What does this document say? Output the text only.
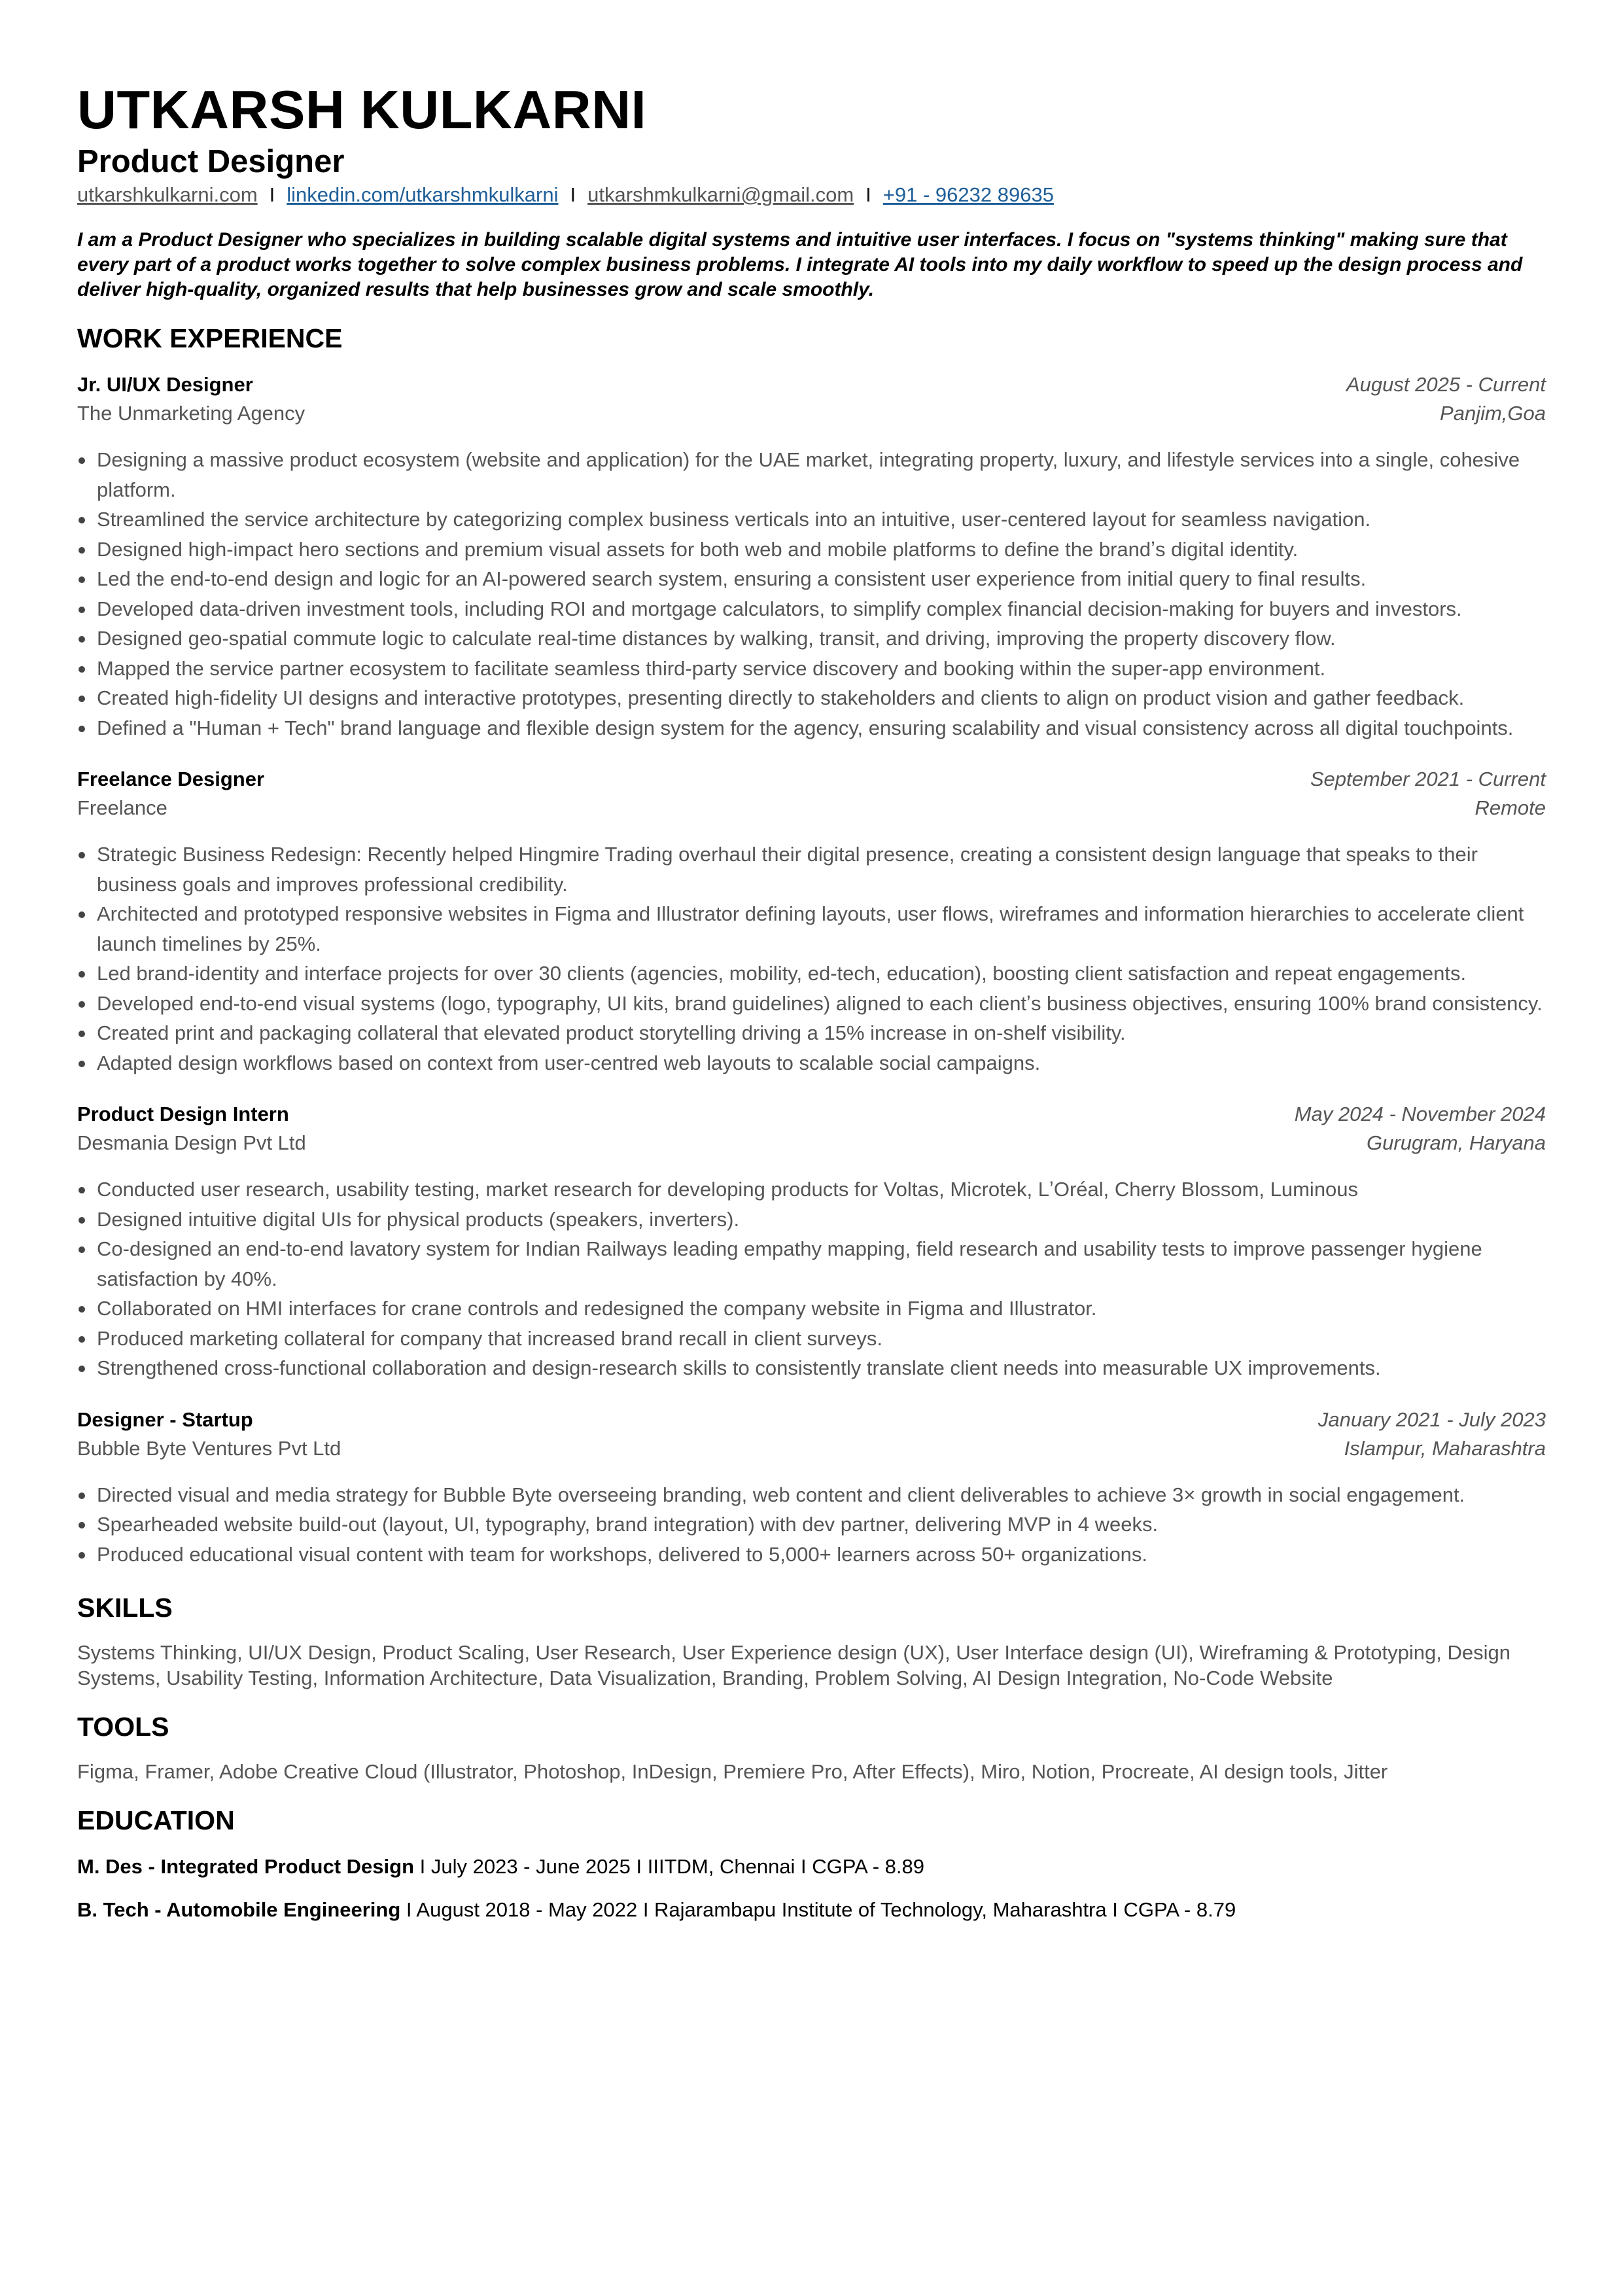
UTKARSH KULKARNI
Product Designer
utkarshkulkarni.com I linkedin.com/utkarshmkulkarni I utkarshmkulkarni@gmail.com I +91 - 96232 89635

I am a Product Designer who specializes in building scalable digital systems and intuitive user interfaces. I focus on "systems thinking" making sure that every part of a product works together to solve complex business problems. I integrate AI tools into my daily workflow to speed up the design process and deliver high-quality, organized results that help businesses grow and scale smoothly.

WORK EXPERIENCE
Jr. UI/UX Designer	August 2025 - Current
The Unmarketing Agency	Panjim,Goa
Designing a massive product ecosystem (website and application) for the UAE market, integrating property, luxury, and lifestyle services into a single, cohesive platform.
Streamlined the service architecture by categorizing complex business verticals into an intuitive, user-centered layout for seamless navigation.
Designed high-impact hero sections and premium visual assets for both web and mobile platforms to define the brandʼs digital identity.
Led the end-to-end design and logic for an AI-powered search system, ensuring a consistent user experience from initial query to final results.
Developed data-driven investment tools, including ROI and mortgage calculators, to simplify complex financial decision-making for buyers and investors.
Designed geo-spatial commute logic to calculate real-time distances by walking, transit, and driving, improving the property discovery flow.
Mapped the service partner ecosystem to facilitate seamless third-party service discovery and booking within the super-app environment.
Created high-fidelity UI designs and interactive prototypes, presenting directly to stakeholders and clients to align on product vision and gather feedback.
Defined a "Human + Tech" brand language and flexible design system for the agency, ensuring scalability and visual consistency across all digital touchpoints.
Freelance Designer	September 2021 - Current
Freelance	Remote
Strategic Business Redesign: Recently helped Hingmire Trading overhaul their digital presence, creating a consistent design language that speaks to their business goals and improves professional credibility.
Architected and prototyped responsive websites in Figma and Illustrator defining layouts, user flows, wireframes and information hierarchies to accelerate client launch timelines by 25%.
Led brand-identity and interface projects for over 30 clients (agencies, mobility, ed-tech, education), boosting client satisfaction and repeat engagements.
Developed end-to-end visual systems (logo, typography, UI kits, brand guidelines) aligned to each clientʼs business objectives, ensuring 100% brand consistency.
Created print and packaging collateral that elevated product storytelling driving a 15% increase in on-shelf visibility.
Adapted design workflows based on context from user-centred web layouts to scalable social campaigns.
Product Design Intern	May 2024 - November 2024
Desmania Design Pvt Ltd	Gurugram, Haryana
Conducted user research, usability testing, market research for developing products for Voltas, Microtek, LʼOréal, Cherry Blossom, Luminous
Designed intuitive digital UIs for physical products (speakers, inverters).
Co-designed an end-to-end lavatory system for Indian Railways leading empathy mapping, field research and usability tests to improve passenger hygiene satisfaction by 40%.
Collaborated on HMI interfaces for crane controls and redesigned the company website in Figma and Illustrator.
Produced marketing collateral for company that increased brand recall in client surveys.
Strengthened cross-functional collaboration and design-research skills to consistently translate client needs into measurable UX improvements.
Designer - Startup	January 2021 - July 2023
Bubble Byte Ventures Pvt Ltd	Islampur, Maharashtra
Directed visual and media strategy for Bubble Byte overseeing branding, web content and client deliverables to achieve 3× growth in social engagement.
Spearheaded website build-out (layout, UI, typography, brand integration) with dev partner, delivering MVP in 4 weeks.
Produced educational visual content with team for workshops, delivered to 5,000+ learners across 50+ organizations.
SKILLS

Systems Thinking, UI/UX Design, Product Scaling, User Research, User Experience design (UX), User Interface design (UI), Wireframing & Prototyping, Design Systems, Usability Testing, Information Architecture, Data Visualization, Branding, Problem Solving, AI Design Integration, No-Code Website

TOOLS

Figma, Framer, Adobe Creative Cloud (Illustrator, Photoshop, InDesign, Premiere Pro, After Effects), Miro, Notion, Procreate, AI design tools, Jitter

EDUCATION
M. Des - Integrated Product Design I July 2023 - June 2025 I IIITDM, Chennai I CGPA - 8.89
B. Tech - Automobile Engineering I August 2018 - May 2022 I Rajarambapu Institute of Technology, Maharashtra I CGPA - 8.79
